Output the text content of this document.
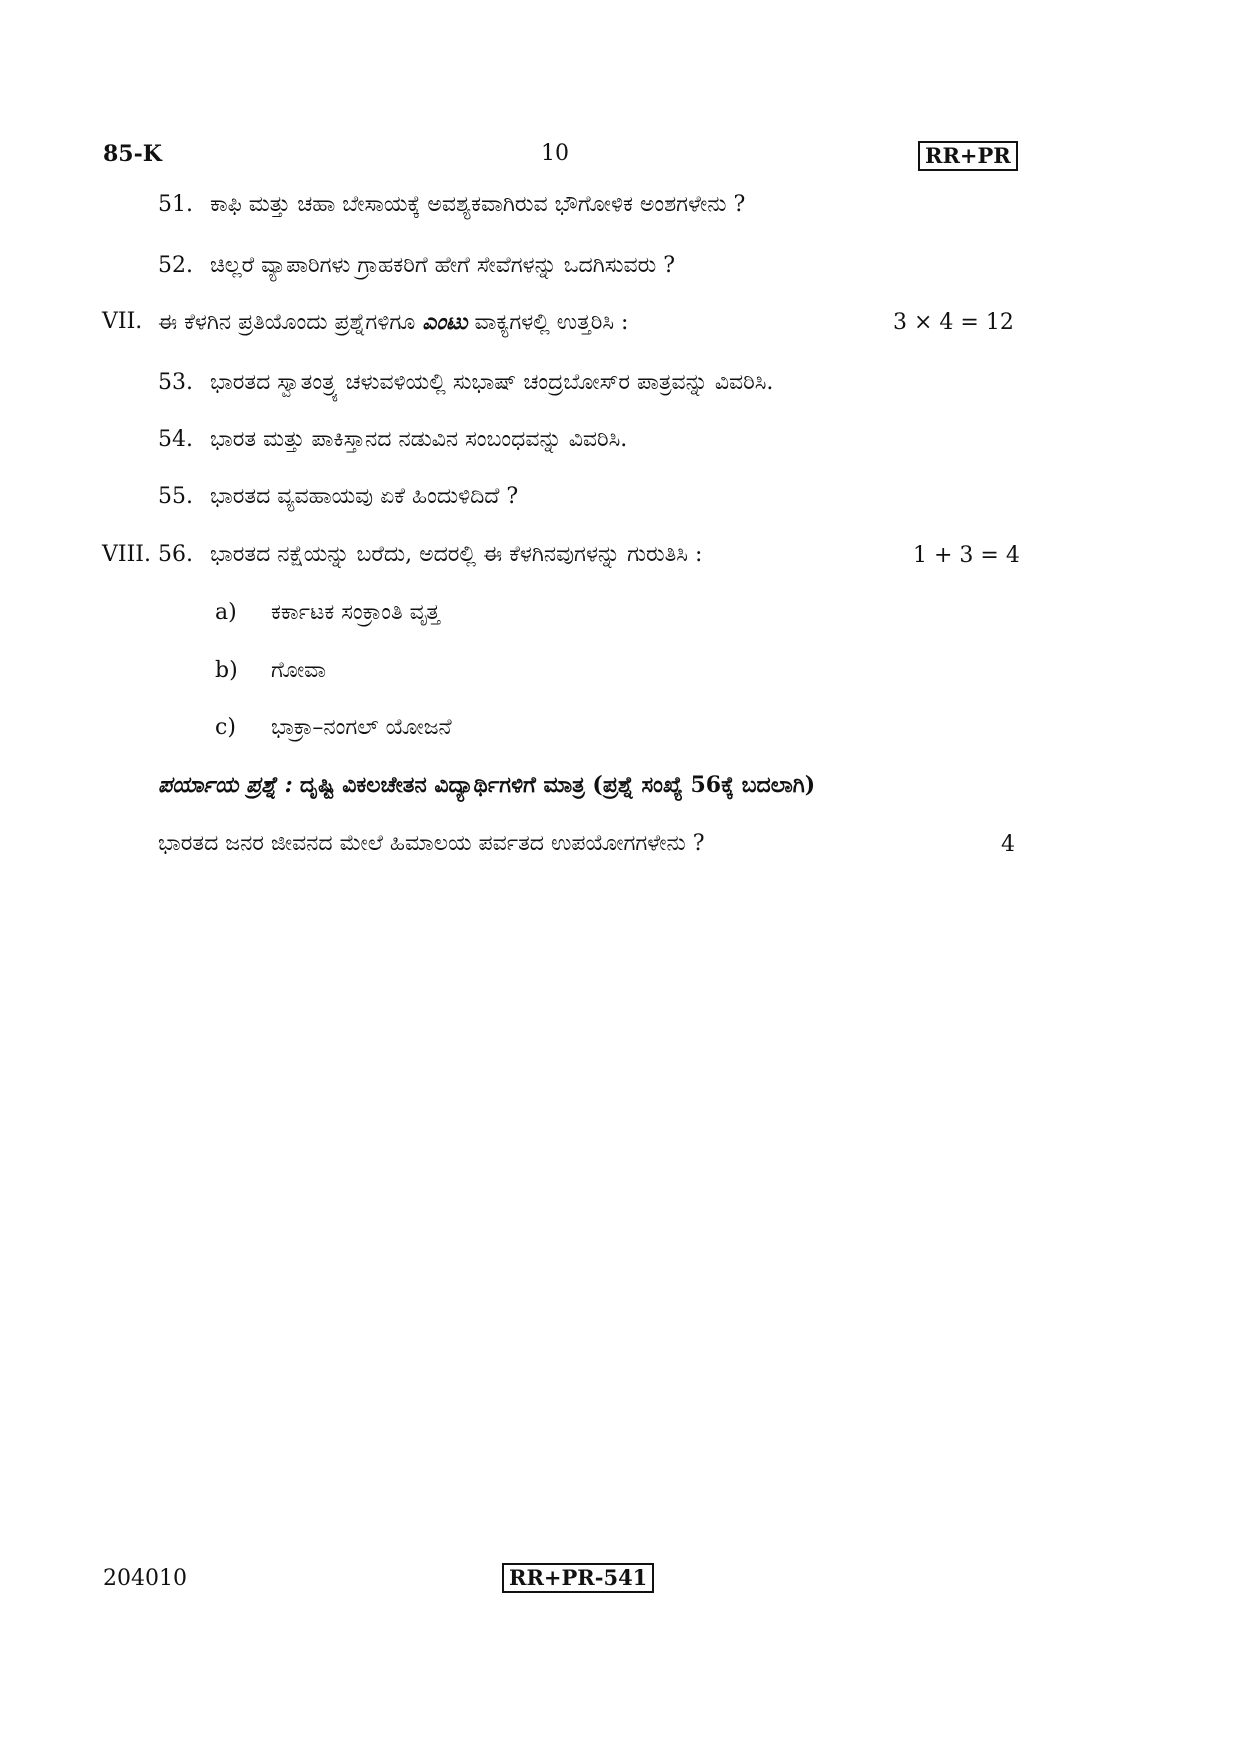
85-K	10	RR+PR
51. ಕಾಫಿ ಮತ್ತು ಚಹಾ ಬೇಸಾಯಕ್ಕೆ ಅವಶ್ಯಕವಾಗಿರುವ ಭೌಗೋಳಿಕ ಅಂಶಗಳೇನು ?
52. ಚಿಲ್ಲರೆ ವ್ಯಾಪಾರಿಗಳು ಗ್ರಾಹಕರಿಗೆ ಹೇಗೆ ಸೇವೆಗಳನ್ನು ಒದಗಿಸುವರು ?
VII. ಈ ಕೆಳಗಿನ ಪ್ರತಿಯೊಂದು ಪ್ರಶ್ನೆಗಳಿಗೂ ಎಂಟು ವಾಕ್ಯಗಳಲ್ಲಿ ಉತ್ತರಿಸಿ :	3 × 4 = 12
53. ಭಾರತದ ಸ್ವಾತಂತ್ರ್ಯ ಚಳುವಳಿಯಲ್ಲಿ ಸುಭಾಷ್ ಚಂದ್ರಬೋಸ್‌ರ ಪಾತ್ರವನ್ನು ವಿವರಿಸಿ.
54. ಭಾರತ ಮತ್ತು ಪಾಕಿಸ್ತಾನದ ನಡುವಿನ ಸಂಬಂಧವನ್ನು ವಿವರಿಸಿ.
55. ಭಾರತದ ವ್ಯವಹಾಯವು ಏಕೆ ಹಿಂದುಳಿದಿದೆ ?
VIII. 56. ಭಾರತದ ನಕ್ಷೆಯನ್ನು ಬರೆದು, ಅದರಲ್ಲಿ ಈ ಕೆಳಗಿನವುಗಳನ್ನು ಗುರುತಿಸಿ :	1 + 3 = 4
a) ಕರ್ಕಾಟಕ ಸಂಕ್ರಾಂತಿ ವೃತ್ತ
b) ಗೋವಾ
c) ಭಾಕ್ರಾ–ನಂಗಲ್ ಯೋಜನೆ
ಪರ್ಯಾಯ ಪ್ರಶ್ನೆ : ದೃಷ್ಟಿ ವಿಕಲಚೇತನ ವಿದ್ಯಾರ್ಥಿಗಳಿಗೆ ಮಾತ್ರ (ಪ್ರಶ್ನೆ ಸಂಖ್ಯೆ 56ಕ್ಕೆ ಬದಲಾಗಿ)
ಭಾರತದ ಜನರ ಜೀವನದ ಮೇಲೆ ಹಿಮಾಲಯ ಪರ್ವತದ ಉಪಯೋಗಗಳೇನು ?	4
204010	RR+PR-541
